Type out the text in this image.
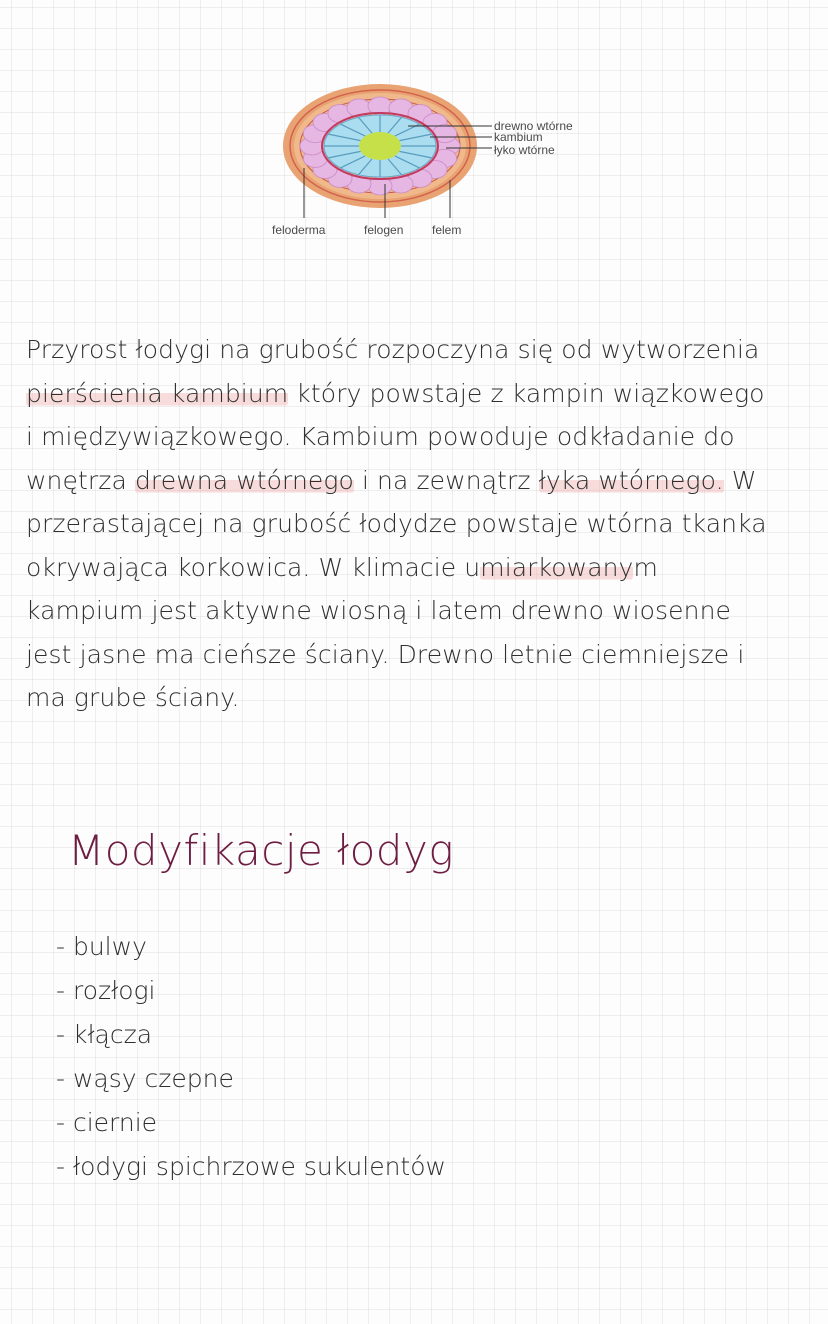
drewno wtórne
kambium
łyko wtórne
feloderma	felogen felem
Przyrost łodygi na grubość rozpoczyna się od wytworzenia
pierścienia kambium który powstaje z kampin wiązkowego
i międzywiązkowego. Kambium powoduje odkładanie do
wnętrza drewna wtórnego i na zewnątrz łyka wtórnego. W
przerastającej na grubość łodydze powstaje wtórna tkanka
okrywająca korkowica. W klimacie umiarkowanym
kampium jest aktywne wiosną i latem drewno wiosenne
jest jasne ma cieńsze ściany. Drewno letnie ciemniejsze i
ma grube ściany.
Modyfikacje łodyg
- bulwy
- rozłogi
- kłącza
- wąsy czepne
- ciernie
- łodygi spichrzowe sukulentów
